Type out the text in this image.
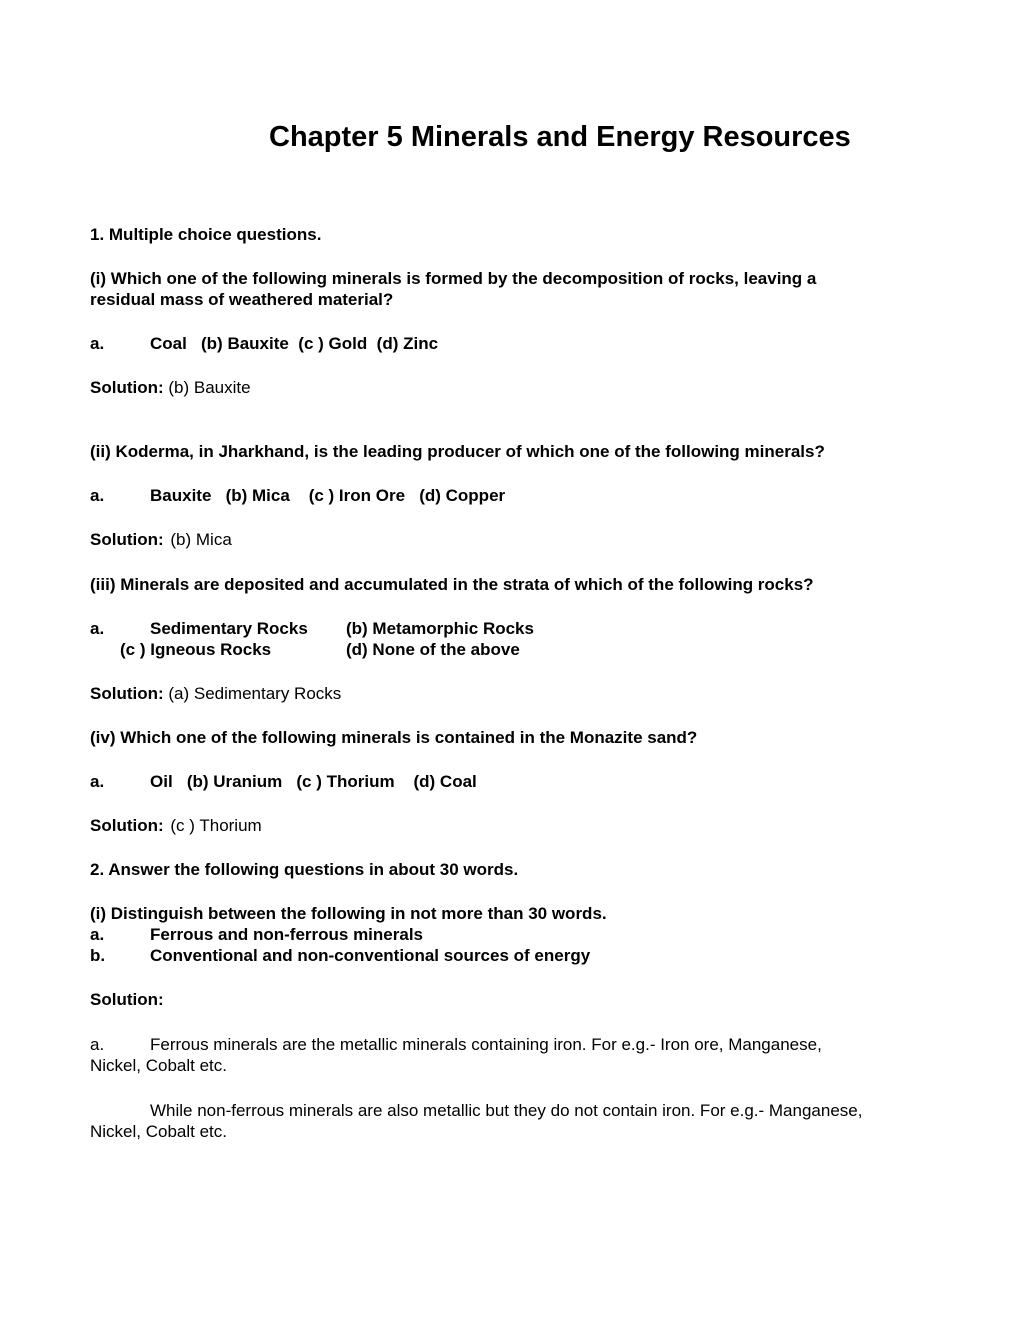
Chapter 5 Minerals and Energy Resources
1. Multiple choice questions.
(i) Which one of the following minerals is formed by the decomposition of rocks, leaving a
residual mass of weathered material?
a.	Coal   (b) Bauxite  (c ) Gold  (d) Zinc
Solution: (b) Bauxite
(ii) Koderma, in Jharkhand, is the leading producer of which one of the following minerals?
a.	Bauxite   (b) Mica    (c ) Iron Ore   (d) Copper
Solution: (b) Mica
(iii) Minerals are deposited and accumulated in the strata of which of the following rocks?
a.	Sedimentary Rocks (b) Metamorphic Rocks
(c ) Igneous Rocks	(d) None of the above
Solution: (a) Sedimentary Rocks
(iv) Which one of the following minerals is contained in the Monazite sand?
a.	Oil   (b) Uranium   (c ) Thorium    (d) Coal
Solution: (c ) Thorium
2. Answer the following questions in about 30 words.
(i) Distinguish between the following in not more than 30 words.
a.	Ferrous and non-ferrous minerals
b.	Conventional and non-conventional sources of energy
Solution:
a.	Ferrous minerals are the metallic minerals containing iron. For e.g.- Iron ore, Manganese,
Nickel, Cobalt etc.
While non-ferrous minerals are also metallic but they do not contain iron. For e.g.- Manganese,
Nickel, Cobalt etc.
